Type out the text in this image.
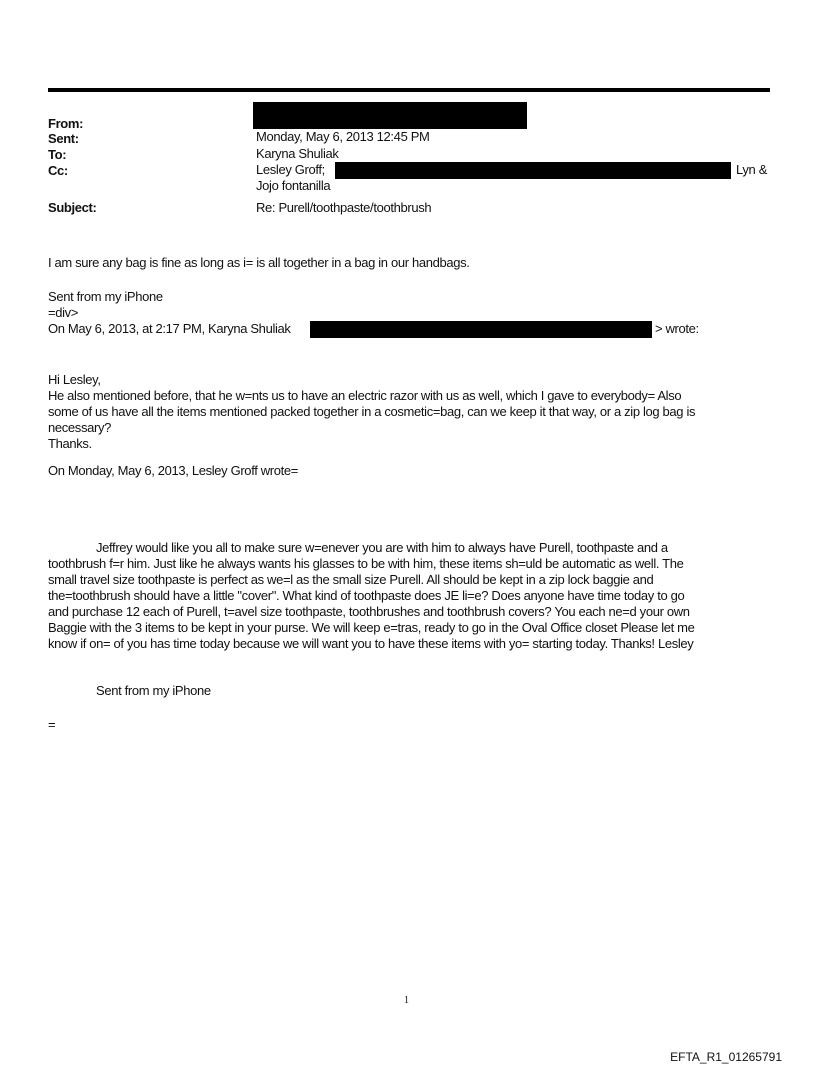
From:
Sent:	Monday, May 6, 2013 12:45 PM
To:	Karyna Shuliak
Cc:	Lesley Groff;	Lyn &
Jojo fontanilla
Subject:	Re: Purell/toothpaste/toothbrush
I am sure any bag is fine as long as i= is all together in a bag in our handbags.
Sent from my iPhone
=div>
On May 6, 2013, at 2:17 PM, Karyna Shuliak	> wrote:
Hi Lesley,
He also mentioned before, that he w=nts us to have an electric razor with us as well, which I gave to everybody= Also
some of us have all the items mentioned packed together in a cosmetic=bag, can we keep it that way, or a zip log bag is
necessary?
Thanks.
On Monday, May 6, 2013, Lesley Groff wrote=
Jeffrey would like you all to make sure w=enever you are with him to always have Purell, toothpaste and a
toothbrush f=r him. Just like he always wants his glasses to be with him, these items sh=uld be automatic as well. The
small travel size toothpaste is perfect as we=l as the small size Purell. All should be kept in a zip lock baggie and
the=toothbrush should have a little "cover". What kind of toothpaste does JE li=e? Does anyone have time today to go
and purchase 12 each of Purell, t=avel size toothpaste, toothbrushes and toothbrush covers? You each ne=d your own
Baggie with the 3 items to be kept in your purse. We will keep e=tras, ready to go in the Oval Office closet Please let me
know if on= of you has time today because we will want you to have these items with yo= starting today. Thanks! Lesley
Sent from my iPhone
=
1
EFTA_R1_01265791
